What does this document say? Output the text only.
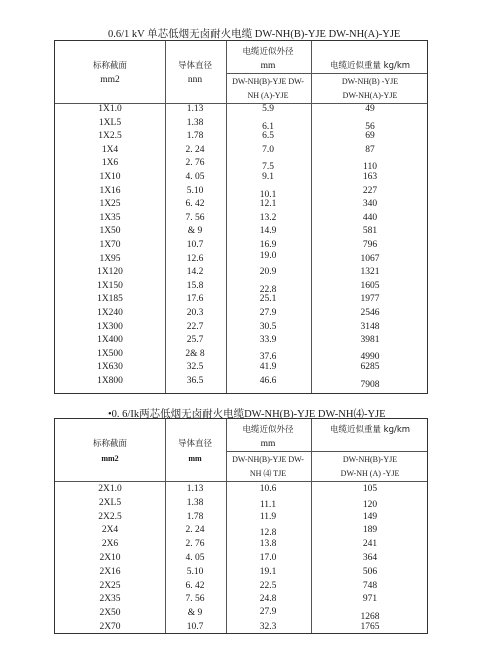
0.6/1 kV 单芯低烟无卤耐火电缆 DW-NH(B)-YJE DW-NH(A)-YJE
标称截面
mm2
导体直径
nnn
电缆近似外径
mm
DW-NH(B)-YJE DW-
NH (A)-YJE
电缆近似重量 kg/km
DW-NH(B) -YJE
DW-NH(A)-YJE
1X1.0	1.13	5.9	49
1XL5	1.38	6.1	56
1X2.5	1.78	6.5	69
1X4	2. 24	7.0	87
1X6	2. 76	7.5	110
1X10	4. 05	9.1	163
1X16	5.10	10.1	227
1X25	6. 42	12.1	340
1X35	7. 56	13.2	440
1X50	& 9	14.9	581
1X70	10.7	16.9	796
1X95	12.6	19.0	1067
1X120	14.2	20.9	1321
1X150	15.8	22.8	1605
1X185	17.6	25.1	1977
1X240	20.3	27.9	2546
1X300	22.7	30.5	3148
1X400	25.7	33.9	3981
1X500	2& 8	37.6	4990
1X630	32.5	41.9	6285
1X800	36.5	46.6	7908
•0. 6/Ik两芯低烟无卤耐火电缆DW-NH(B)-YJE DW-NH⑷-YJE
标称截面
mm2
导体直径
mm
电缆近似外径
mm
DW-NH(B)-YJE DW-
NH ⑷ TJE
电缆近似重量 kg/km
DW-NH(B)-YJE
DW-NH (A) -YJE
2X1.0	1.13	10.6	105
2XL5	1.38	11.1	120
2X2.5	1.78	11.9	149
2X4	2. 24	12.8	189
2X6	2. 76	13.8	241
2X10	4. 05	17.0	364
2X16	5.10	19.1	506
2X25	6. 42	22.5	748
2X35	7. 56	24.8	971
2X50	& 9	27.9	1268
2X70	10.7	32.3	1765
